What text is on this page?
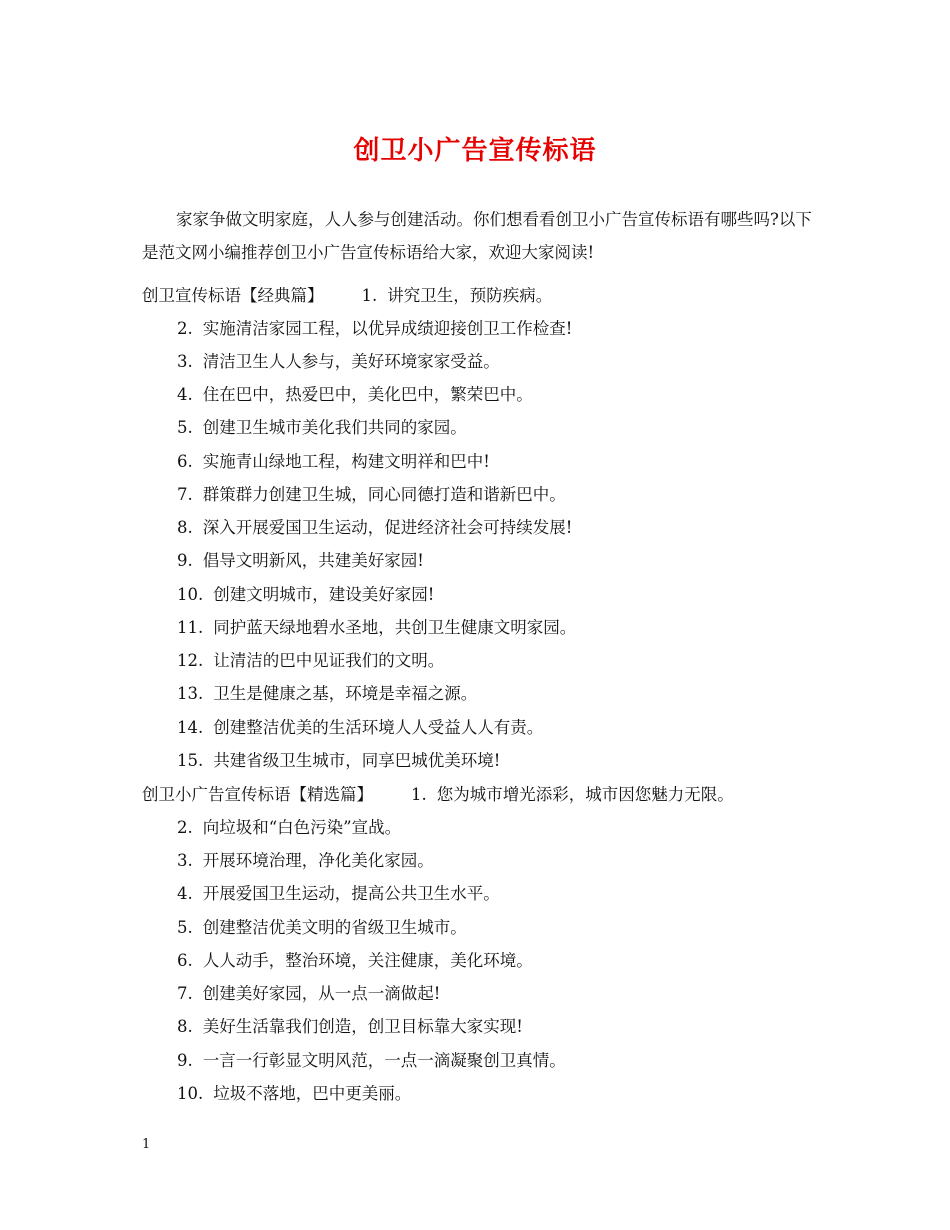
创卫小广告宣传标语

家家争做文明家庭，人人参与创建活动。你们想看看创卫小广告宣传标语有哪些吗?以下是范文网小编推荐创卫小广告宣传标语给大家，欢迎大家阅读!

创卫宣传标语【经典篇】 1. 讲究卫生，预防疾病。

2. 实施清洁家园工程，以优异成绩迎接创卫工作检查!

3. 清洁卫生人人参与，美好环境家家受益。

4. 住在巴中，热爱巴中，美化巴中，繁荣巴中。

5. 创建卫生城市美化我们共同的家园。

6. 实施青山绿地工程，构建文明祥和巴中!

7. 群策群力创建卫生城，同心同德打造和谐新巴中。

8. 深入开展爱国卫生运动，促进经济社会可持续发展!

9. 倡导文明新风，共建美好家园!

10. 创建文明城市，建设美好家园!

11. 同护蓝天绿地碧水圣地，共创卫生健康文明家园。

12. 让清洁的巴中见证我们的文明。

13. 卫生是健康之基，环境是幸福之源。

14. 创建整洁优美的生活环境人人受益人人有责。

15. 共建省级卫生城市，同享巴城优美环境!

创卫小广告宣传标语【精选篇】 1. 您为城市增光添彩，城市因您魅力无限。

2. 向垃圾和“白色污染”宣战。

3. 开展环境治理，净化美化家园。

4. 开展爱国卫生运动，提高公共卫生水平。

5. 创建整洁优美文明的省级卫生城市。

6. 人人动手，整治环境，关注健康，美化环境。

7. 创建美好家园，从一点一滴做起!

8. 美好生活靠我们创造，创卫目标靠大家实现!

9. 一言一行彰显文明风范，一点一滴凝聚创卫真情。

10. 垃圾不落地，巴中更美丽。

1
